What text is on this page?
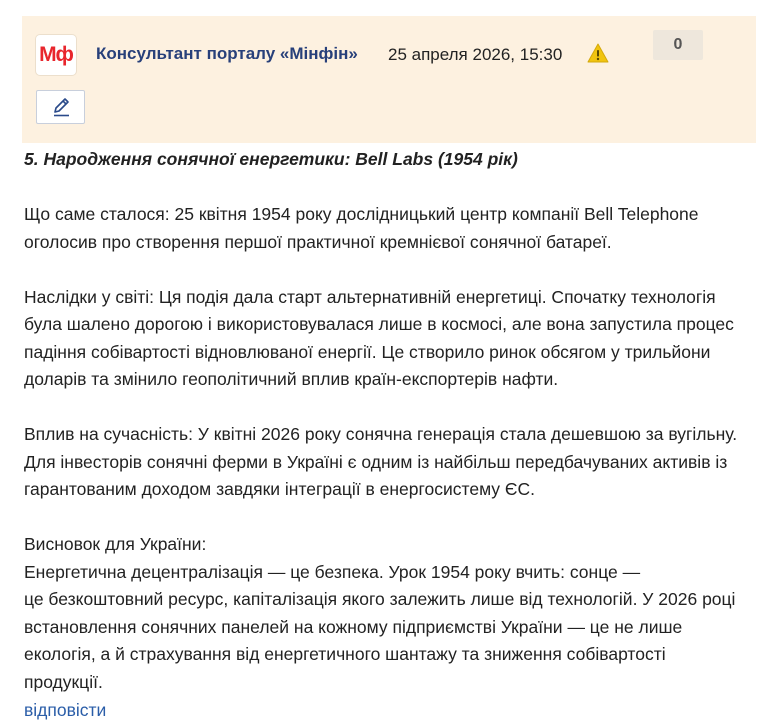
Мф Консультант порталу «Мінфін» 25 апреля 2026, 15:30
0

5. Народження сонячної енергетики: Bell Labs (1954 рік)

Що саме сталося: 25 квітня 1954 року дослідницький центр компанії Bell Telephone
оголосив про створення першої практичної кремнієвої сонячної батареї.

Наслідки у світі: Ця подія дала старт альтернативній енергетиці. Спочатку технологія
була шалено дорогою і використовувалася лише в космосі, але вона запустила процес
падіння собівартості відновлюваної енергії. Це створило ринок обсягом у трильйони
доларів та змінило геополітичний вплив країн-експортерів нафти.

Вплив на сучасність: У квітні 2026 року сонячна генерація стала дешевшою за вугільну.
Для інвесторів сонячні ферми в Україні є одним із найбільш передбачуваних активів із
гарантованим доходом завдяки інтеграції в енергосистему ЄС.

Висновок для України:
Енергетична децентралізація — це безпека. Урок 1954 року вчить: сонце —
це безкоштовний ресурс, капіталізація якого залежить лише від технологій. У 2026 році
встановлення сонячних панелей на кожному підприємстві України — це не лише
екологія, а й страхування від енергетичного шантажу та зниження собівартості
продукції.

відповісти
